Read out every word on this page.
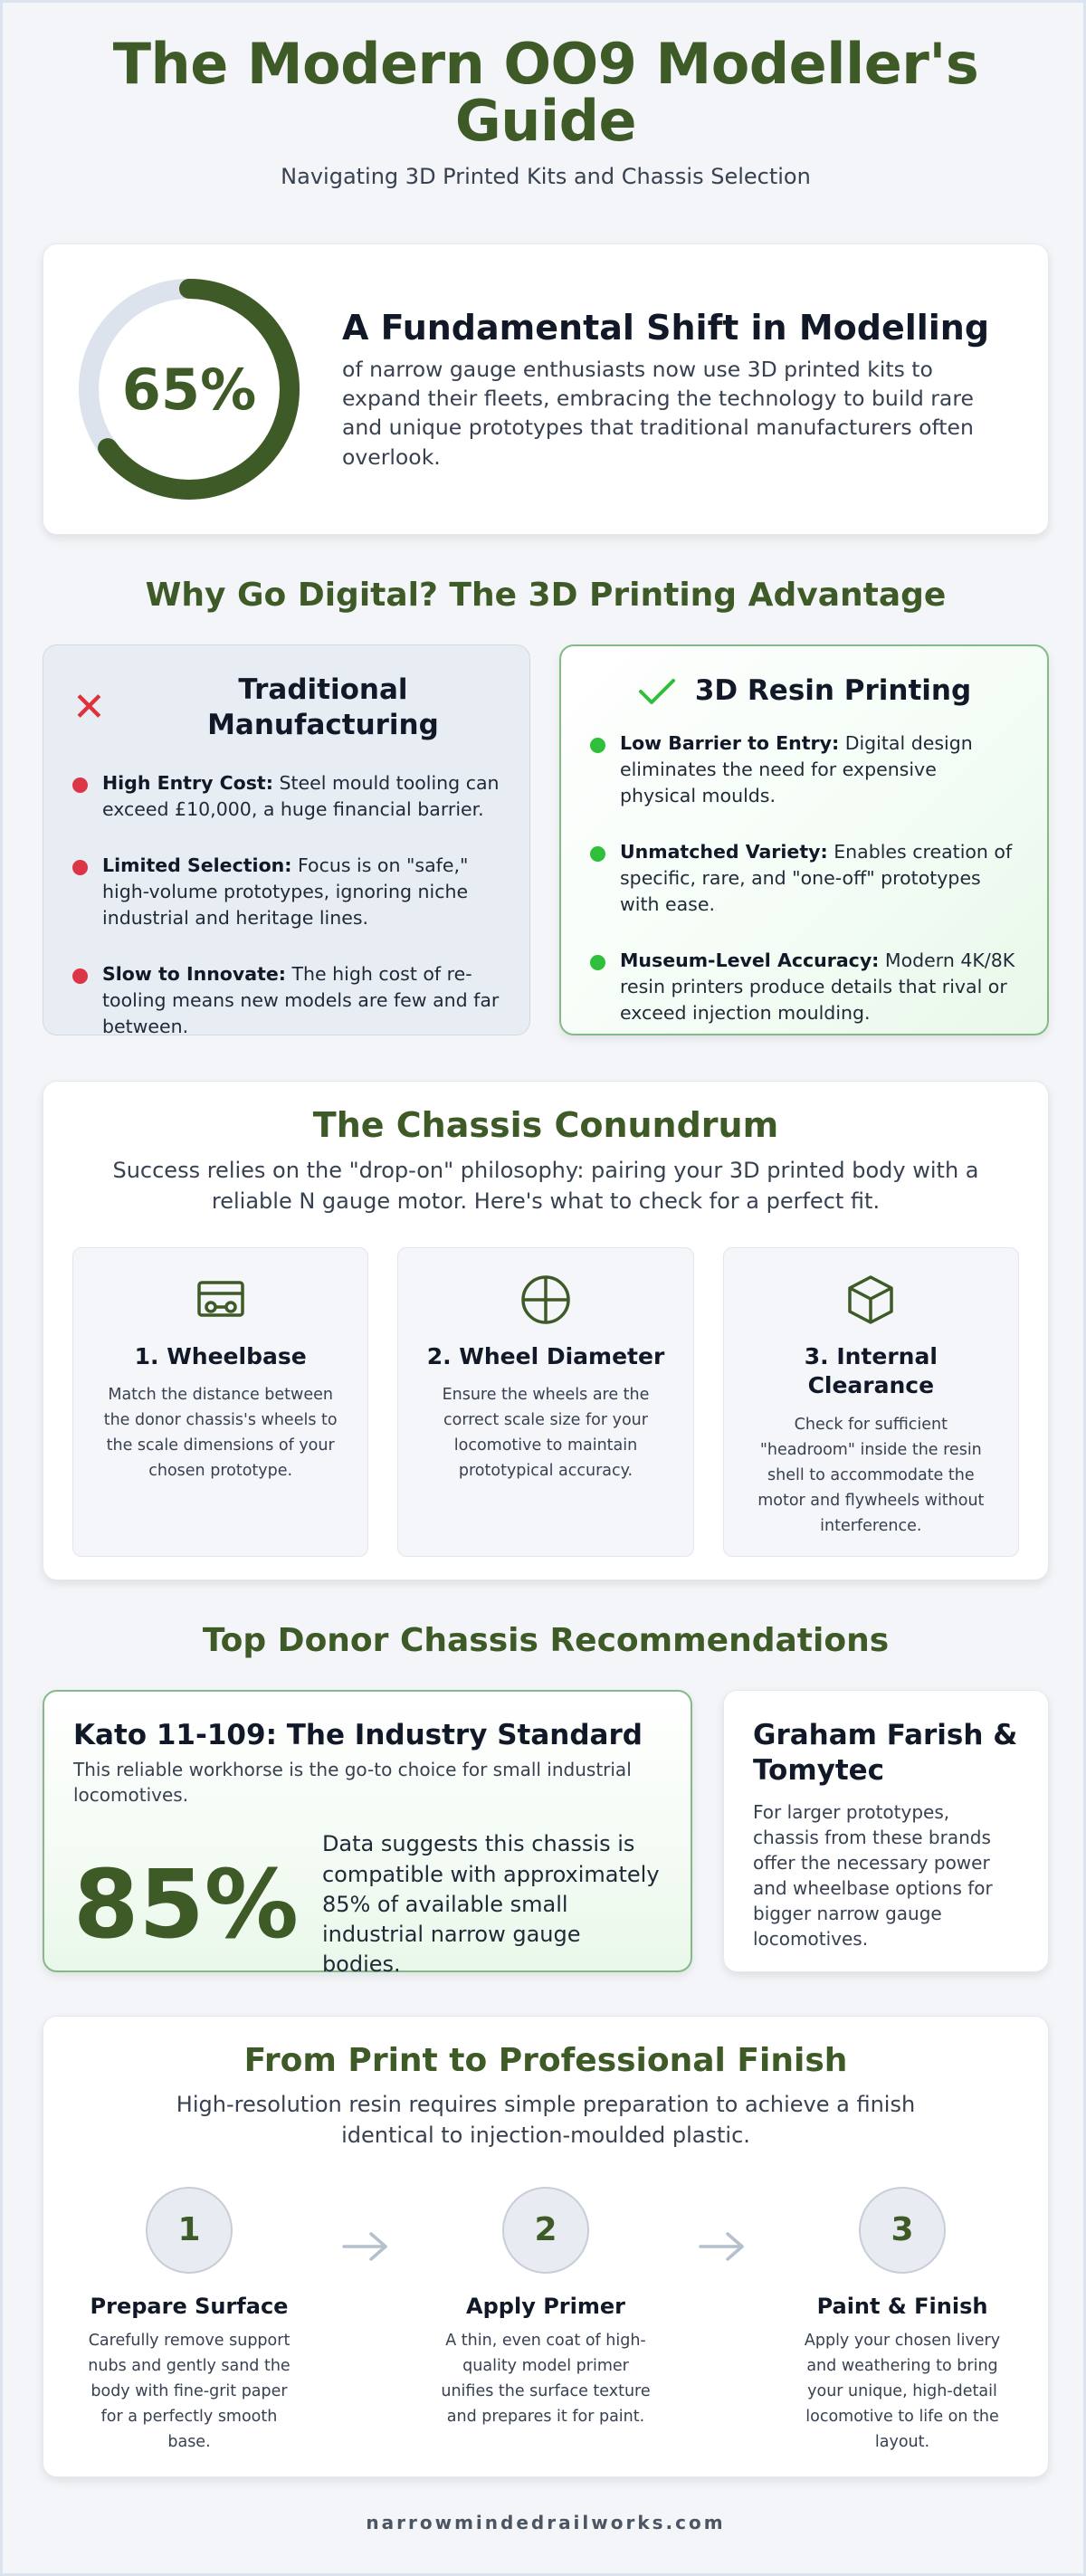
The Modern OO9 Modeller's Guide

Navigating 3D Printed Kits and Chassis Selection

65%
A Fundamental Shift in Modelling

of narrow gauge enthusiasts now use 3D printed kits to expand their fleets, embracing the technology to build rare and unique prototypes that traditional manufacturers often overlook.

Why Go Digital? The 3D Printing Advantage
✕	Traditional Manufacturing

High Entry Cost: Steel mould tooling can exceed £10,000, a huge financial barrier.

Limited Selection: Focus is on "safe," high-volume prototypes, ignoring niche industrial and heritage lines.

Slow to Innovate: The high cost of re-tooling means new models are few and far between.

3D Resin Printing

Low Barrier to Entry: Digital design eliminates the need for expensive physical moulds.

Unmatched Variety: Enables creation of specific, rare, and "one-off" prototypes with ease.

Museum-Level Accuracy: Modern 4K/8K resin printers produce details that rival or exceed injection moulding.

The Chassis Conundrum

Success relies on the "drop-on" philosophy: pairing your 3D printed body with a reliable N gauge motor. Here's what to check for a perfect fit.

1. Wheelbase

Match the distance between the donor chassis's wheels to the scale dimensions of your chosen prototype.

2. Wheel Diameter

Ensure the wheels are the correct scale size for your locomotive to maintain prototypical accuracy.

3. Internal Clearance

Check for sufficient "headroom" inside the resin shell to accommodate the motor and flywheels without interference.

Top Donor Chassis Recommendations
Kato 11-109: The Industry Standard

This reliable workhorse is the go-to choice for small industrial locomotives.

85%

Data suggests this chassis is compatible with approximately 85% of available small industrial narrow gauge bodies.

Graham Farish & Tomytec

For larger prototypes, chassis from these brands offer the necessary power and wheelbase options for bigger narrow gauge locomotives.

From Print to Professional Finish

High-resolution resin requires simple preparation to achieve a finish identical to injection-moulded plastic.

1
Prepare Surface

Carefully remove support nubs and gently sand the body with fine-grit paper for a perfectly smooth base.

2
Apply Primer

A thin, even coat of high-quality model primer unifies the surface texture and prepares it for paint.

3
Paint & Finish

Apply your chosen livery and weathering to bring your unique, high-detail locomotive to life on the layout.

narrowmindedrailworks.com
